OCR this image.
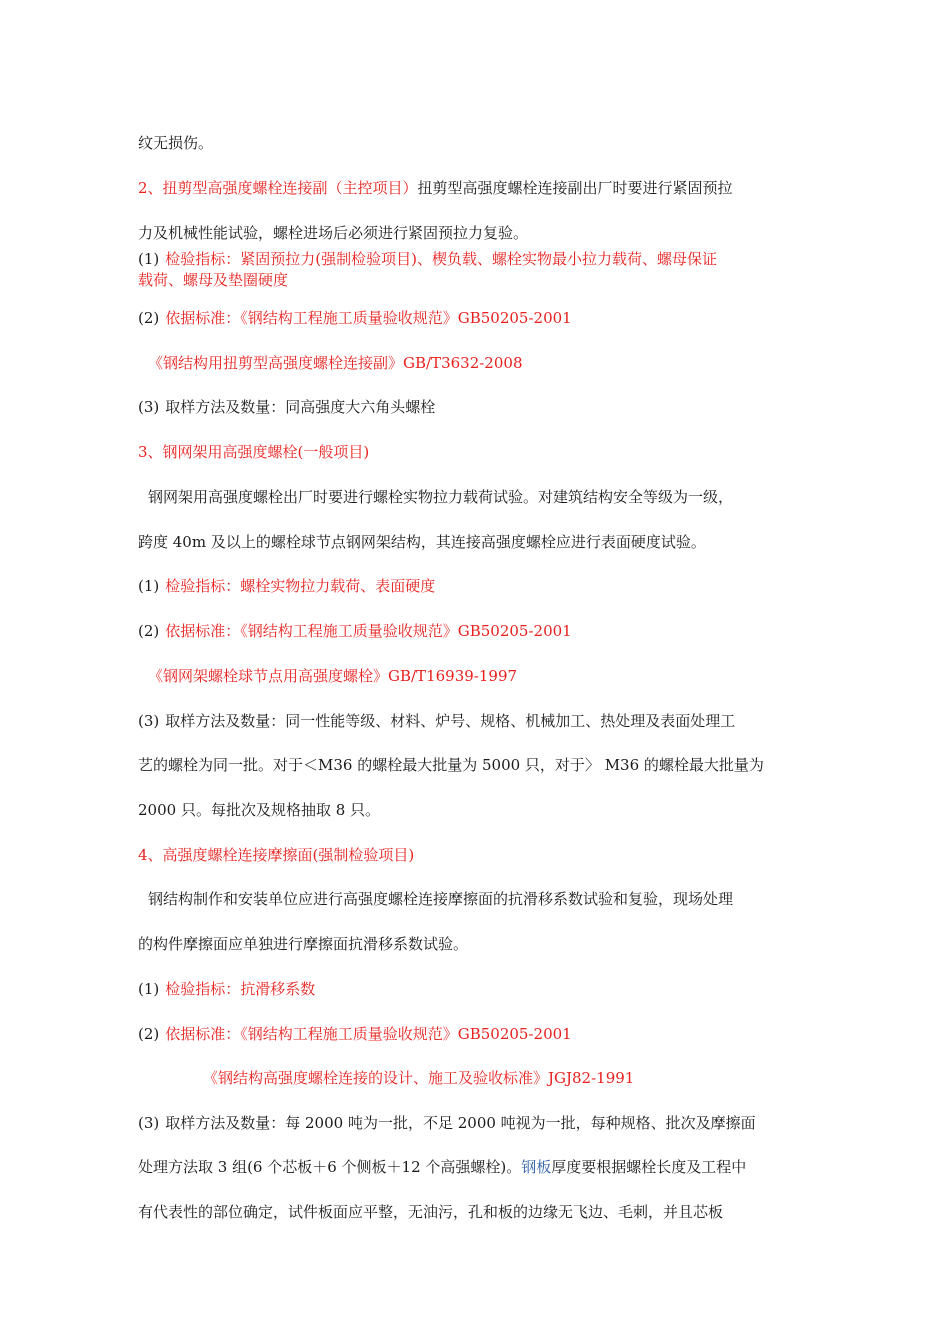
纹无损伤。
2、扭剪型高强度螺栓连接副（主控项目）扭剪型高强度螺栓连接副出厂时要进行紧固预拉
力及机械性能试验，螺栓进场后必须进行紧固预拉力复验。
(1) 检验指标：紧固预拉力(强制检验项目)、楔负载、螺栓实物最小拉力载荷、螺母保证
载荷、螺母及垫圈硬度
(2) 依据标准：《钢结构工程施工质量验收规范》GB50205-2001
《钢结构用扭剪型高强度螺栓连接副》GB/T3632-2008
(3) 取样方法及数量：同高强度大六角头螺栓
3、钢网架用高强度螺栓(一般项目)
钢网架用高强度螺栓出厂时要进行螺栓实物拉力载荷试验。对建筑结构安全等级为一级，
跨度 40m 及以上的螺栓球节点钢网架结构，其连接高强度螺栓应进行表面硬度试验。
(1) 检验指标：螺栓实物拉力载荷、表面硬度
(2) 依据标准：《钢结构工程施工质量验收规范》GB50205-2001
《钢网架螺栓球节点用高强度螺栓》GB/T16939-1997
(3) 取样方法及数量：同一性能等级、材料、炉号、规格、机械加工、热处理及表面处理工
艺的螺栓为同一批。对于＜M36 的螺栓最大批量为 5000 只，对于〉 M36 的螺栓最大批量为
2000 只。每批次及规格抽取 8 只。
4、高强度螺栓连接摩擦面(强制检验项目)
钢结构制作和安装单位应进行高强度螺栓连接摩擦面的抗滑移系数试验和复验，现场处理
的构件摩擦面应单独进行摩擦面抗滑移系数试验。
(1) 检验指标：抗滑移系数
(2) 依据标准：《钢结构工程施工质量验收规范》GB50205-2001
《钢结构高强度螺栓连接的设计、施工及验收标准》JGJ82-1991
(3) 取样方法及数量：每 2000 吨为一批，不足 2000 吨视为一批，每种规格、批次及摩擦面
处理方法取 3 组(6 个芯板＋6 个侧板＋12 个高强螺栓)。钢板厚度要根据螺栓长度及工程中
有代表性的部位确定，试件板面应平整，无油污，孔和板的边缘无飞边、毛刺，并且芯板
